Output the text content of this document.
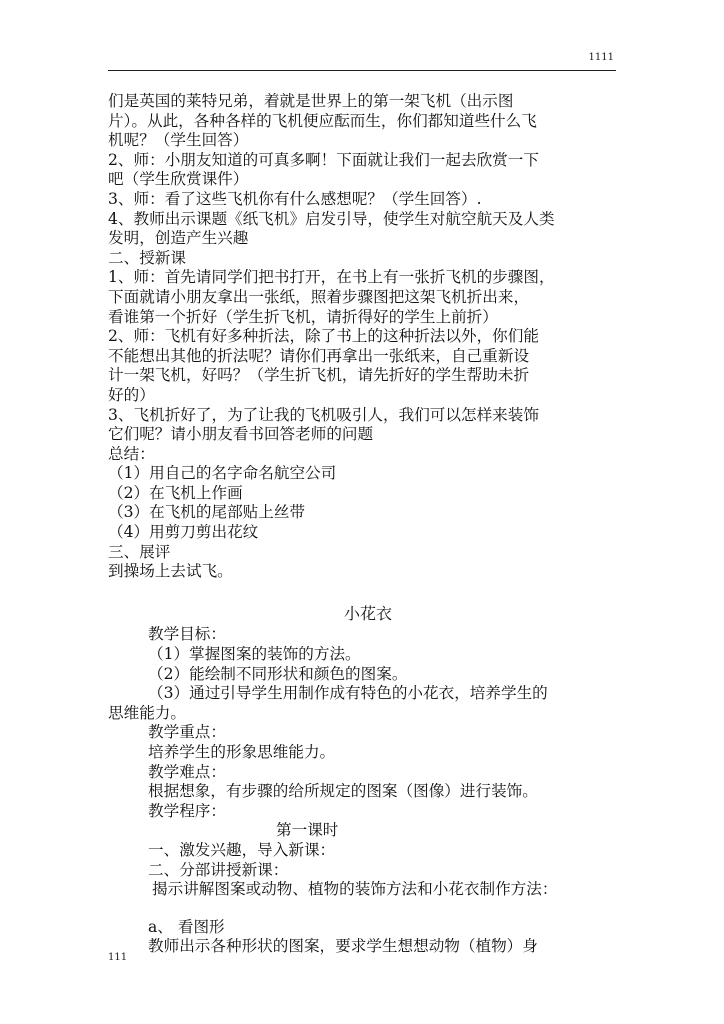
1111

们是英国的莱特兄弟，着就是世界上的第一架飞机（出示图

片）。从此，各种各样的飞机便应酝而生，你们都知道些什么飞

机呢？（学生回答）

2、师：小朋友知道的可真多啊！下面就让我们一起去欣赏一下

吧（学生欣赏课件）

3、师：看了这些飞机你有什么感想呢？（学生回答）.

4、教师出示课题《纸飞机》启发引导，使学生对航空航天及人类

发明，创造产生兴趣

二、授新课

1、师：首先请同学们把书打开，在书上有一张折飞机的步骤图，

下面就请小朋友拿出一张纸，照着步骤图把这架飞机折出来，

看谁第一个折好（学生折飞机，请折得好的学生上前折）

2、师：飞机有好多种折法，除了书上的这种折法以外，你们能

不能想出其他的折法呢？请你们再拿出一张纸来，自己重新设

计一架飞机，好吗？（学生折飞机，请先折好的学生帮助未折

好的）

3、飞机折好了，为了让我的飞机吸引人，我们可以怎样来装饰

它们呢？请小朋友看书回答老师的问题

总结：

（1）用自己的名字命名航空公司

（2）在飞机上作画

（3）在飞机的尾部贴上丝带

（4）用剪刀剪出花纹

三、展评

到操场上去试飞。

小花衣

教学目标：

（1）掌握图案的装饰的方法。

（2）能绘制不同形状和颜色的图案。

（3）通过引导学生用制作成有特色的小花衣，培养学生的

思维能力。

教学重点：

培养学生的形象思维能力。

教学难点：

根据想象，有步骤的给所规定的图案（图像）进行装饰。

教学程序：

第一课时

一、激发兴趣，导入新课：

二、分部讲授新课：

揭示讲解图案或动物、植物的装饰方法和小花衣制作方法：

a、 看图形

教师出示各种形状的图案，要求学生想想动物（植物）身

111
